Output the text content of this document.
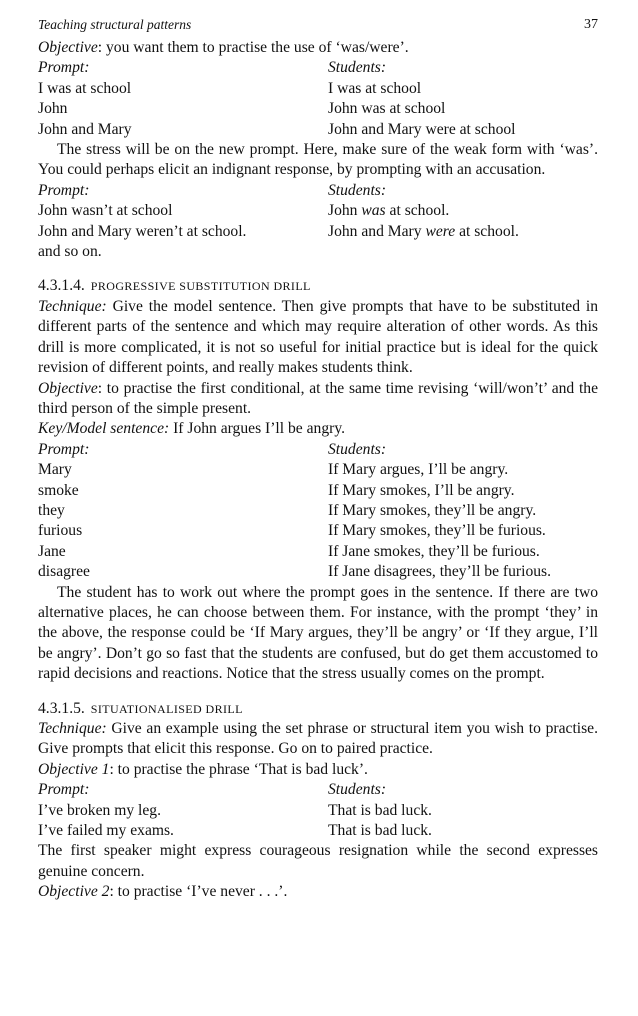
Teaching structural patterns	37

Objective: you want them to practise the use of ‘was/were’.

Prompt:	Students:
I was at school	I was at school
John	John was at school
John and Mary	John and Mary were at school

The stress will be on the new prompt. Here, make sure of the weak form with ‘was’. You could perhaps elicit an indignant response, by prompting with an accusation.

Prompt:	Students:
John wasn’t at school	John was at school.
John and Mary weren’t at school.	John and Mary were at school.

and so on.

4.3.1.4. PROGRESSIVE SUBSTITUTION DRILL

Technique: Give the model sentence. Then give prompts that have to be substituted in different parts of the sentence and which may require alteration of other words. As this drill is more complicated, it is not so useful for initial practice but is ideal for the quick revision of different points, and really makes students think.

Objective: to practise the first conditional, at the same time revising ‘will/won’t’ and the third person of the simple present.

Key/Model sentence: If John argues I’ll be angry.

Prompt:	Students:
Mary	If Mary argues, I’ll be angry.
smoke	If Mary smokes, I’ll be angry.
they	If Mary smokes, they’ll be angry.
furious	If Mary smokes, they’ll be furious.
Jane	If Jane smokes, they’ll be furious.
disagree	If Jane disagrees, they’ll be furious.

The student has to work out where the prompt goes in the sentence. If there are two alternative places, he can choose between them. For instance, with the prompt ‘they’ in the above, the response could be ‘If Mary argues, they’ll be angry’ or ‘If they argue, I’ll be angry’. Don’t go so fast that the students are confused, but do get them accustomed to rapid decisions and reactions. Notice that the stress usually comes on the prompt.

4.3.1.5. SITUATIONALISED DRILL

Technique: Give an example using the set phrase or structural item you wish to practise. Give prompts that elicit this response. Go on to paired practice.

Objective 1: to practise the phrase ‘That is bad luck’.

Prompt:	Students:
I’ve broken my leg.	That is bad luck.
I’ve failed my exams.	That is bad luck.

The first speaker might express courageous resignation while the second expresses genuine concern.

Objective 2: to practise ‘I’ve never . . .’.
